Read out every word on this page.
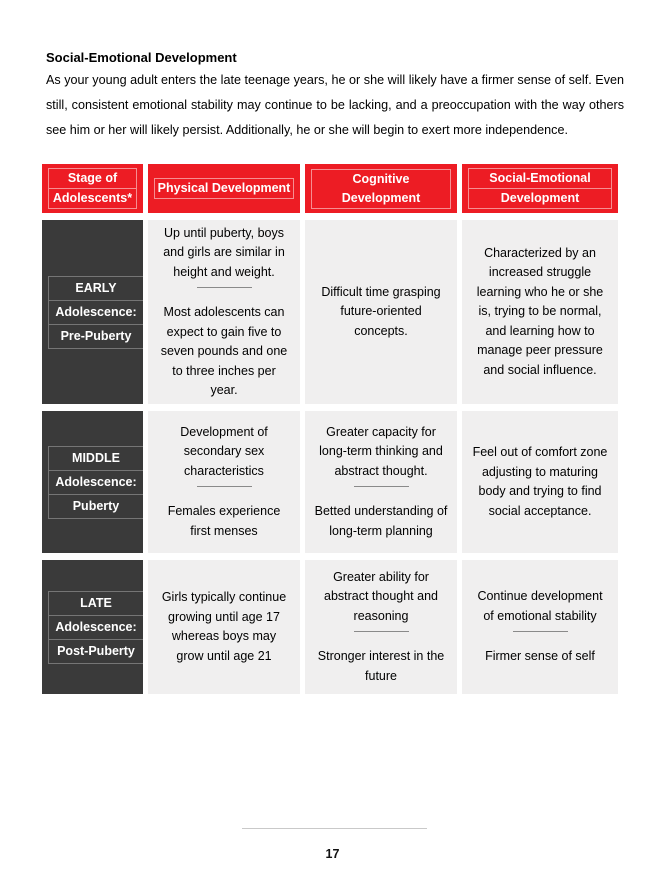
Social-Emotional Development
As your young adult enters the late teenage years, he or she will likely have a firmer sense of self. Even still, consistent emotional stability may continue to be lacking, and a preoccupation with the way others see him or her will likely persist. Additionally, he or she will begin to exert more independence.
Stage of
Adolescents*
Physical Development
Cognitive Development
Social-Emotional
Development
EARLY
Adolescence:
Pre-Puberty

Up until puberty, boys and girls are similar in height and weight.

Most adolescents can expect to gain five to seven pounds and one to three inches per year.

Difficult time grasping future-oriented concepts.

Characterized by an increased struggle learning who he or she is, trying to be normal, and learning how to manage peer pressure and social influence.

MIDDLE
Adolescence:
Puberty

Development of secondary sex characteristics

Females experience first menses

Greater capacity for long-term thinking and abstract thought.

Betted understanding of long-term planning

Feel out of comfort zone adjusting to maturing body and trying to find social acceptance.

LATE
Adolescence:
Post-Puberty

Girls typically continue growing until age 17 whereas boys may grow until age 21

Greater ability for abstract thought and reasoning

Stronger interest in the future

Continue development of emotional stability

Firmer sense of self

17
